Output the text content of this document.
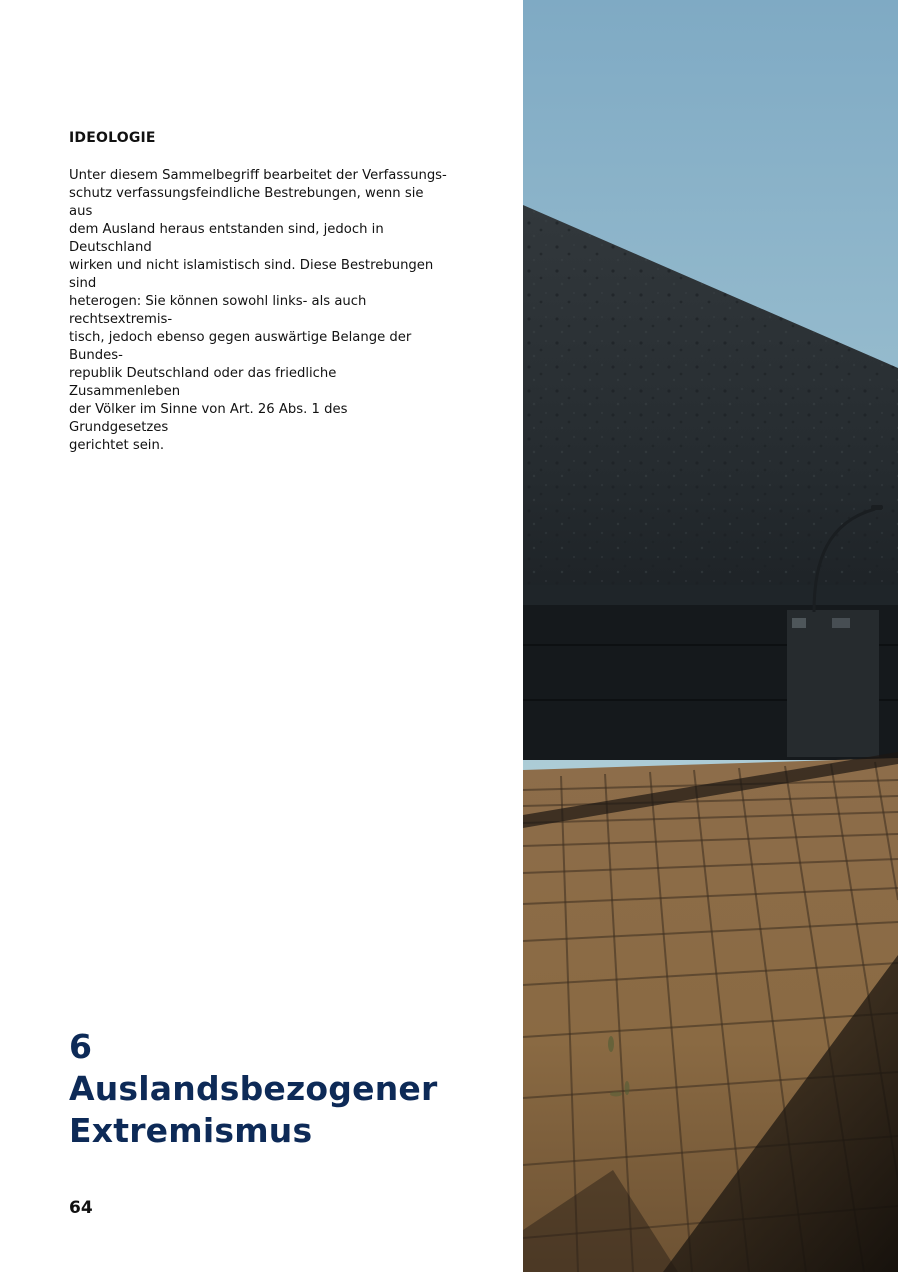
IDEOLOGIE

Unter diesem Sammelbegriff bearbeitet der Verfassungs-
schutz verfassungsfeindliche Bestrebungen, wenn sie aus
dem Ausland heraus entstanden sind, jedoch in Deutschland
wirken und nicht islamistisch sind. Diese Bestrebungen sind
heterogen: Sie können sowohl links- als auch rechtsextremis-
tisch, jedoch ebenso gegen auswärtige Belange der Bundes-
republik Deutschland oder das friedliche Zusammenleben
der Völker im Sinne von Art. 26 Abs. 1 des Grundgesetzes
gerichtet sein.

6
Auslandsbezogener
Extremismus
64
